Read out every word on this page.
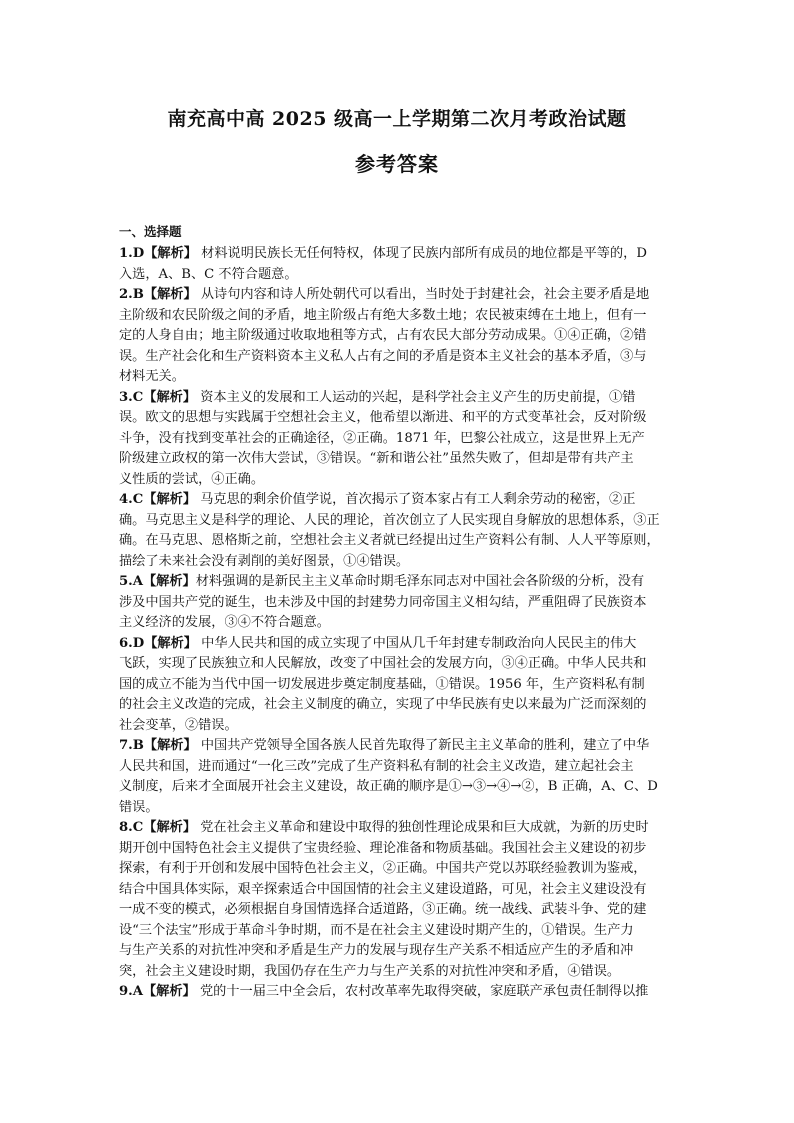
南充高中高 2025 级高一上学期第二次月考政治试题
参考答案
一、选择题
1.D【解析】 材料说明民族长无任何特权，体现了民族内部所有成员的地位都是平等的，D
入选，A、B、C 不符合题意。
2.B【解析】 从诗句内容和诗人所处朝代可以看出，当时处于封建社会，社会主要矛盾是地
主阶级和农民阶级之间的矛盾，地主阶级占有绝大多数土地；农民被束缚在土地上，但有一
定的人身自由；地主阶级通过收取地租等方式，占有农民大部分劳动成果。①④正确，②错
误。生产社会化和生产资料资本主义私人占有之间的矛盾是资本主义社会的基本矛盾，③与
材料无关。
3.C【解析】 资本主义的发展和工人运动的兴起，是科学社会主义产生的历史前提，①错
误。欧文的思想与实践属于空想社会主义，他希望以渐进、和平的方式变革社会，反对阶级
斗争，没有找到变革社会的正确途径，②正确。1871 年，巴黎公社成立，这是世界上无产
阶级建立政权的第一次伟大尝试，③错误。“新和谐公社”虽然失败了，但却是带有共产主
义性质的尝试，④正确。
4.C【解析】 马克思的剩余价值学说，首次揭示了资本家占有工人剩余劳动的秘密，②正
确。马克思主义是科学的理论、人民的理论，首次创立了人民实现自身解放的思想体系，③正
确。在马克思、恩格斯之前，空想社会主义者就已经提出过生产资料公有制、人人平等原则，
描绘了未来社会没有剥削的美好图景，①④错误。
5.A【解析】材料强调的是新民主主义革命时期毛泽东同志对中国社会各阶级的分析，没有
涉及中国共产党的诞生，也未涉及中国的封建势力同帝国主义相勾结，严重阻碍了民族资本
主义经济的发展，③④不符合题意。
6.D【解析】 中华人民共和国的成立实现了中国从几千年封建专制政治向人民民主的伟大
飞跃，实现了民族独立和人民解放，改变了中国社会的发展方向，③④正确。中华人民共和
国的成立不能为当代中国一切发展进步奠定制度基础，①错误。1956 年，生产资料私有制
的社会主义改造的完成，社会主义制度的确立，实现了中华民族有史以来最为广泛而深刻的
社会变革，②错误。
7.B【解析】 中国共产党领导全国各族人民首先取得了新民主主义革命的胜利，建立了中华
人民共和国，进而通过“一化三改”完成了生产资料私有制的社会主义改造，建立起社会主
义制度，后来才全面展开社会主义建设，故正确的顺序是①→③→④→②，B 正确，A、C、D
错误。
8.C【解析】 党在社会主义革命和建设中取得的独创性理论成果和巨大成就，为新的历史时
期开创中国特色社会主义提供了宝贵经验、理论准备和物质基础。我国社会主义建设的初步
探索，有利于开创和发展中国特色社会主义，②正确。中国共产党以苏联经验教训为鉴戒，
结合中国具体实际，艰辛探索适合中国国情的社会主义建设道路，可见，社会主义建设没有
一成不变的模式，必须根据自身国情选择合适道路，③正确。统一战线、武装斗争、党的建
设“三个法宝”形成于革命斗争时期，而不是在社会主义建设时期产生的，①错误。生产力
与生产关系的对抗性冲突和矛盾是生产力的发展与现存生产关系不相适应产生的矛盾和冲
突，社会主义建设时期，我国仍存在生产力与生产关系的对抗性冲突和矛盾，④错误。
9.A【解析】 党的十一届三中全会后，农村改革率先取得突破，家庭联产承包责任制得以推
